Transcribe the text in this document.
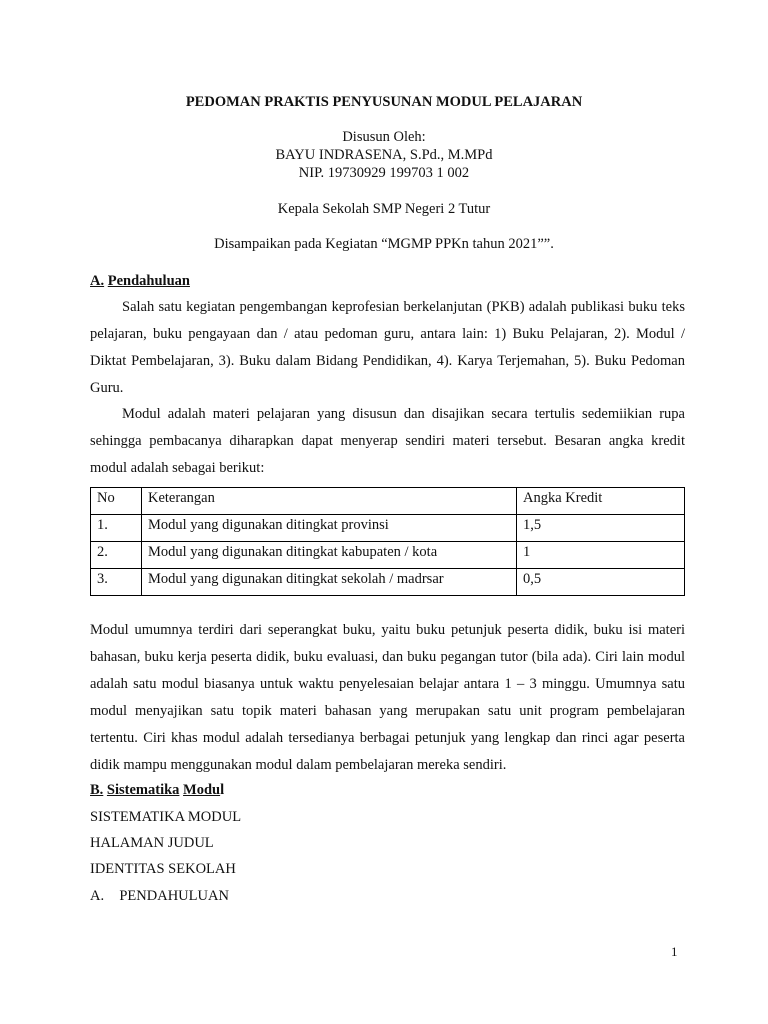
PEDOMAN PRAKTIS PENYUSUNAN MODUL PELAJARAN
Disusun Oleh:
BAYU INDRASENA, S.Pd., M.MPd
NIP. 19730929 199703 1 002
Kepala Sekolah SMP Negeri 2 Tutur
Disampaikan pada Kegiatan “MGMP PPKn tahun 2021””.
A. Pendahuluan

Salah satu kegiatan pengembangan keprofesian berkelanjutan (PKB) adalah publikasi buku teks pelajaran, buku pengayaan dan / atau pedoman guru, antara lain: 1) Buku Pelajaran, 2). Modul / Diktat Pembelajaran, 3). Buku dalam Bidang Pendidikan, 4). Karya Terjemahan, 5). Buku Pedoman Guru.

Modul adalah materi pelajaran yang disusun dan disajikan secara tertulis sedemiikian rupa sehingga pembacanya diharapkan dapat menyerap sendiri materi tersebut. Besaran angka kredit modul adalah sebagai berikut:

No	Keterangan	Angka Kredit
1.	Modul yang digunakan ditingkat provinsi	1,5
2.	Modul yang digunakan ditingkat kabupaten / kota	1
3.	Modul yang digunakan ditingkat sekolah / madrsar	0,5

Modul umumnya terdiri dari seperangkat buku, yaitu buku petunjuk peserta didik, buku isi materi bahasan, buku kerja peserta didik, buku evaluasi, dan buku pegangan tutor (bila ada). Ciri lain modul adalah satu modul biasanya untuk waktu penyelesaian belajar antara 1 – 3 minggu. Umumnya satu modul menyajikan satu topik materi bahasan yang merupakan satu unit program pembelajaran tertentu. Ciri khas modul adalah tersedianya berbagai petunjuk yang lengkap dan rinci agar peserta didik mampu menggunakan modul dalam pembelajaran mereka sendiri.

B. Sistematika Modul
SISTEMATIKA MODUL
HALAMAN JUDUL
IDENTITAS SEKOLAH
A. PENDAHULUAN
1
